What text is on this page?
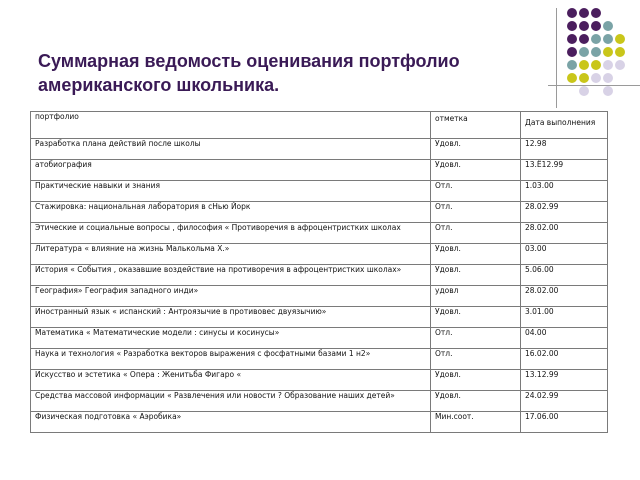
Суммарная ведомость оценивания портфолио американского школьника.
портфолио	отметка	Дата выполнения
Разработка плана действий после школы	Удовл.	12.98
атобиография	Удовл.	13.Ё12.99
Практические навыки и знания	Отл.	1.03.00
Стажировка: национальная лаборатория в сНью Йорк	Отл.	28.02.99
Этические и социальные вопросы , философия « Противоречия в афроцентристких школах	Отл.	28.02.00
Литература « влияние на жизнь Малькольма Х.»	Удовл.	03.00
История « События , оказавшие воздействие на противоречия в афроцентристких школах»	Удовл.	5.06.00
География» География западного инди»	удовл	28.02.00
Иностранный язык « испанский : Антроязычие в противовес двуязычию»	Удовл.	3.01.00
Математика « Математические модели : синусы и косинусы»	Отл.	04.00
Наука и технология « Разработка векторов выражения с фосфатными базами 1 н2»	Отл.	16.02.00
Искусство и эстетика « Опера : Женитьба Фигаро «	Удовл.	13.12.99
Средства массовой информации « Развлечения или новости ? Образование наших детей»	Удовл.	24.02.99
Физическая подготовка « Аэробика»	Мин.соот.	17.06.00
